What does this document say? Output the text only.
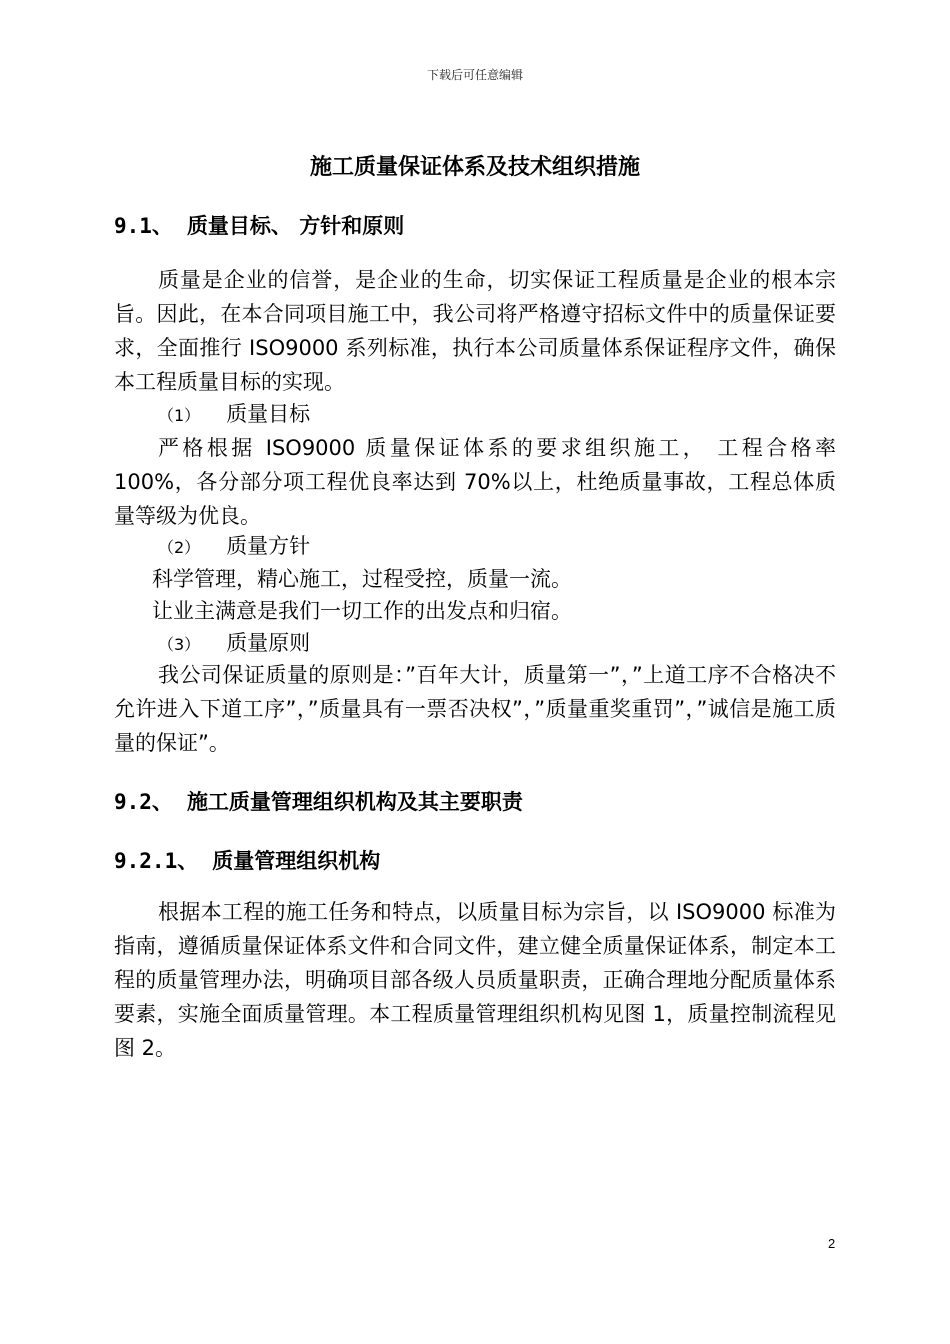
下载后可任意编辑
施工质量保证体系及技术组织措施
9.1、 质量目标、 方针和原则

质量是企业的信誉，是企业的生命，切实保证工程质量是企业的根本宗旨。因此，在本合同项目施工中，我公司将严格遵守招标文件中的质量保证要求，全面推行 ISO9000 系列标准，执行本公司质量体系保证程序文件，确保本工程质量目标的实现。

（1） 质量目标

严格根据 ISO9000 质量保证体系的要求组织施工， 工程合格率 100%，各分部分项工程优良率达到 70%以上，杜绝质量事故，工程总体质量等级为优良。

（2） 质量方针
科学管理，精心施工，过程受控，质量一流。
让业主满意是我们一切工作的出发点和归宿。
（3） 质量原则

我公司保证质量的原则是：”百年大计，质量第一”，”上道工序不合格决不允许进入下道工序”，”质量具有一票否决权”，”质量重奖重罚”，”诚信是施工质量的保证”。

9.2、 施工质量管理组织机构及其主要职责
9.2.1、 质量管理组织机构

根据本工程的施工任务和特点，以质量目标为宗旨，以 ISO9000 标准为指南，遵循质量保证体系文件和合同文件，建立健全质量保证体系，制定本工程的质量管理办法，明确项目部各级人员质量职责，正确合理地分配质量体系要素，实施全面质量管理。本工程质量管理组织机构见图 1，质量控制流程见图 2。

2
